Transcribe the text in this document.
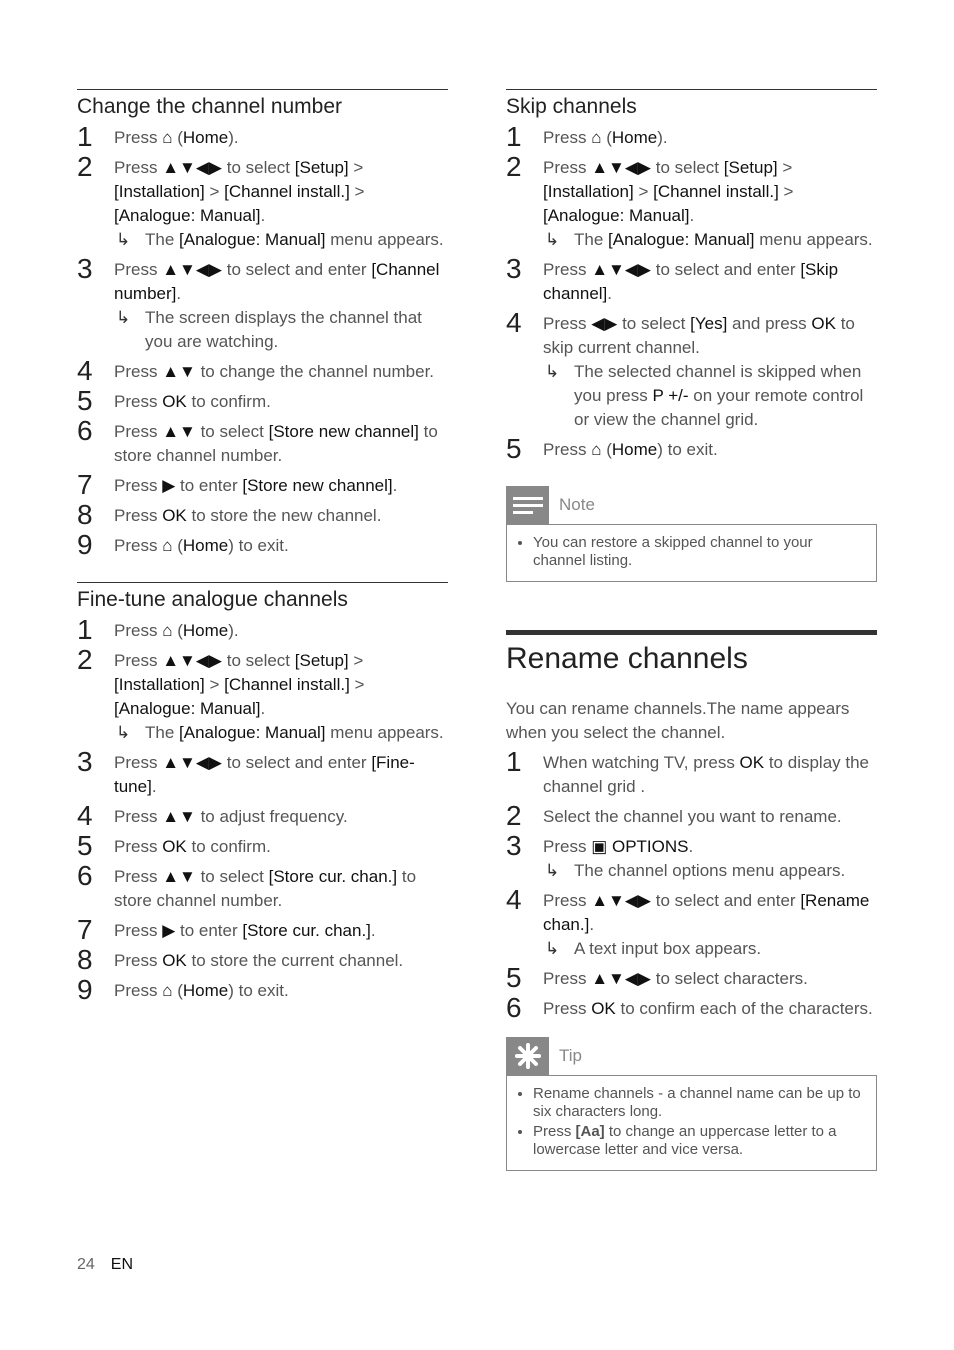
Change the channel number
1 Press ⌂ (Home).
2 Press ▲▼◀▶ to select [Setup] > [Installation] > [Channel install.] > [Analogue: Manual].
↳ The [Analogue: Manual] menu appears.
3 Press ▲▼◀▶ to select and enter [Channel number].
↳ The screen displays the channel that you are watching.
4 Press ▲▼ to change the channel number.
5 Press OK to confirm.
6 Press ▲▼ to select [Store new channel] to store channel number.
7 Press ▶ to enter [Store new channel].
8 Press OK to store the new channel.
9 Press ⌂ (Home) to exit.
Fine-tune analogue channels
1 Press ⌂ (Home).
2 Press ▲▼◀▶ to select [Setup] > [Installation] > [Channel install.] > [Analogue: Manual].
↳ The [Analogue: Manual] menu appears.
3 Press ▲▼◀▶ to select and enter [Fine-tune].
4 Press ▲▼ to adjust frequency.
5 Press OK to confirm.
6 Press ▲▼ to select [Store cur. chan.] to store channel number.
7 Press ▶ to enter [Store cur. chan.].
8 Press OK to store the current channel.
9 Press ⌂ (Home) to exit.
Skip channels
1 Press ⌂ (Home).
2 Press ▲▼◀▶ to select [Setup] > [Installation] > [Channel install.] > [Analogue: Manual].
↳ The [Analogue: Manual] menu appears.
3 Press ▲▼◀▶ to select and enter [Skip channel].
4 Press ◀▶ to select [Yes] and press OK to skip current channel.
↳ The selected channel is skipped when you press P +/- on your remote control or view the channel grid.
5 Press ⌂ (Home) to exit.
Note
• You can restore a skipped channel to your channel listing.
Rename channels
You can rename channels.The name appears when you select the channel.
1 When watching TV, press OK to display the channel grid .
2 Select the channel you want to rename.
3 Press ▣ OPTIONS.
↳ The channel options menu appears.
4 Press ▲▼◀▶ to select and enter [Rename chan.].
↳ A text input box appears.
5 Press ▲▼◀▶ to select characters.
6 Press OK to confirm each of the characters.
Tip
• Rename channels - a channel name can be up to six characters long.
• Press [Aa] to change an uppercase letter to a lowercase letter and vice versa.
24 EN
